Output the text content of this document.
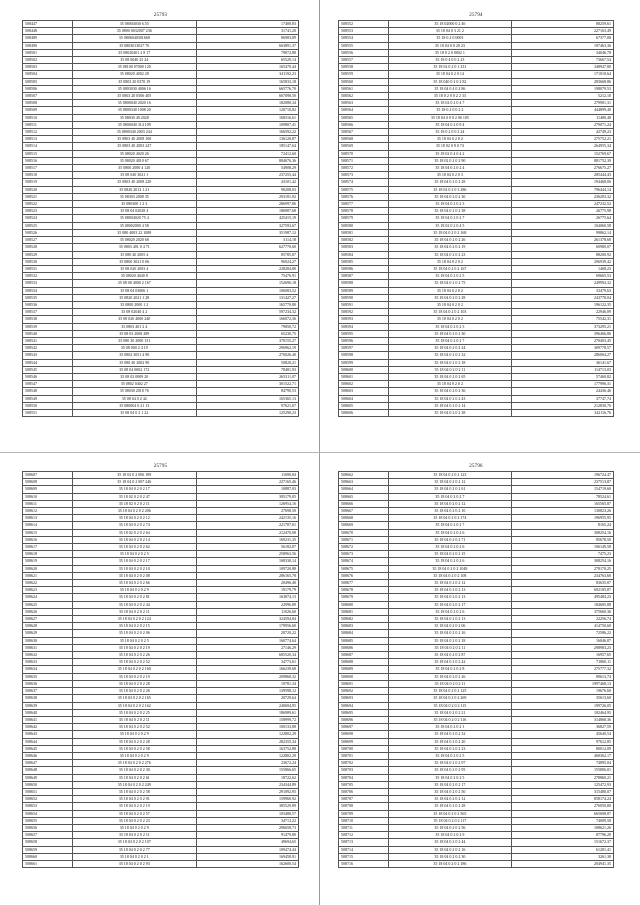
25793
508447	35 08004030 6.55	17480,83
508448	35 0800 0032007 236	31741,20
508489	35 0806040301668	86983,89
508490	35 0803013027 70	663891,37
508501	35 08020401 2 8 17	79872,88
508502	35 08 0040 25 24	65529,14
508503	35 08100 07000 120	165470,44
508504	35 08020 4002 28	341192,23
508505	35 0803 20 0370 19	165833,18
508506	35 0803030 4006 16	665776,70
508507	35 0803 20 0506 405	667098,50
508508	35 0800040 2020 16	182080,34
508509	35 0800340 1008 20	120710,82
508510	35 08030 40 2028	168316,61
508511	35 0800040 314 109	109807,41
508512	35 0800340 2003 244	166592,22
508513	35 0803 40 2008 100	136120,87
508514	35 0803 40 2003 247	185147,64
508515	35 08020 4020 26	72412,60
508516	35 08020 4010 67	884676,36
508517	35 0800 2000 4 120	54908,29
508518	35 08 040 3021 1	237255,44
508519	35 0803 40 2008 220	43101,42
508520	35 0820 2012 1 21	90208,03
508521	35 08303 2008 35	293181,92
508522	35 080300 1 2 3	286997,86
508523	35 08 04 02028 4	186987,68
508524	35 08004020 75 4	425415,19
508525	35 08002000 4 58	327593,67
508526	35 080 4003 22 1088	351987,12
508527	35 08020 2020 68	3114,18
508528	35 0803 401 0 4 71	627770,60
508529	35 080 40 2005 4	85785,87
508530	35 0800 3021 0 06	96924,27
508531	35 08 020 2003 4	228284,80
508532	35 08020 4040 8	75476,91
508533	35 08 00 4000 2 167	152696,18
508534	35 08 04 03006 1	106083,52
508535	35 0820 2021 1 28	131427,27
508536	35 0800 2000 1 2	165770,80
508537	35 08 02040 4 2	597234,32
508538	35 08 020 4000 240	166072,36
508539	35 0803 401 2 4	79850,72
508540	35 08 03 2008 289	65230,75
508541	35 080 30 2000 131	370155,27
508542	35 08 000 2 4 19	296962,19
508543	35 0802 3051 4 90	270026,40
508544	35 080 40 2002 90	50820,21
508545	35 08 04 0002 172	78481,93
508546	35 08 02 0009 20	265311,07
508547	35 0802 0402 27	301522,71
508548	35 08030 2018 76	84790,53
508549	35 08 04 0 2 42	165365,13
508550	35 080004 0 21 13	97621,67
508551	35 08 04 0 2 1 22	125290,23
25794
508552	35 18 02000 0 2 46	88259,61
508553	35 18 04 0 3 21 2	227163,49
508554	35 18 0 2 0 0003	67377,08
508555	35 18 04 0 0 20 23	197463,36
508556	35 18 0 2 0 0002 1	34046,78
508557	35 18 0 4 0 0 2 23	73667,54
508558	35 18 02 0 2 0 1 231	348947,80
508559	35 18 04 0 2 0 14	171010,64
508560	35 18 040 0 2 0 2 82	283668,86
508561	35 18 04 0 4 0 2 86	198079,53
508562	35 18 0 2 0 0 2 2 33	5212,10
508563	35 18 02 0 2 0 4 7	279901,31
508564	35 18 0 2 0 0 2 2	444899,40
508565	35 18 04 0 0 0 2 06 105	11480,48
508566	35 18 04 0 2 0 9 4	279071,24
508567	35 18 0 2 0 0 2 24	42749,23
508568	35 18 04 0 2 0 2	275752,21
508569	35 18 02 0 8 0 74	264955,34
508570	35 18 02 0 4 0 4 2	152769,67
508571	35 18 02 0 2 0 2 90	881752,39
508572	35 18 04 0 2 0 2 4	276675,27
508573	35 18 04 0 2 0 3	285444,43
508574	35 18 04 0 2 0 2 28	194468,06
508575	35 18 02 0 2 0 3 286	796444,14
508576	35 18 04 0 2 0 2 30	236203,32
508577	35 18 04 0 2 0 2 3	247232,52
508578	35 18 04 0 2 0 2 38	26775,98
508579	35 18 04 0 2 0 2 7	26775,64
508580	35 18 02 0 2 0 4 5	104060,58
508581	35 18 04 0 2 0 2 168	99862,14
508582	35 18 04 0 2 0 2 26	261378,68
508583	35 18 04 0 2 0 2 19	60980,07
508584	35 18 04 0 2 0 2 23	88200,92
508585	35 18 04 0 2 0 2	296939,42
508586	35 18 04 0 2 0 2 167	1468,23
508587	35 18 04 0 2 0 2 5	69665,53
508588	35 18 04 0 2 0 2 75	249994,32
508589	35 18 04 0 2 0 2	33479,63
508590	35 18 04 0 2 0 2 28	243778,04
508591	35 18 04 0 2 0 2	196122,35
508592	35 18 04 0 2 0 2 103	22946,09
508593	35 18 04 0 2 0 2	75542,31
508594	35 18 04 0 2 0 2 3	373295,21
508595	35 18 04 0 2 0 2 30	396466,86
508596	35 18 04 0 2 0 2 7	270403,45
508597	35 18 04 0 2 0 2 24	309778,57
508598	35 18 04 0 2 0 2 32	286064,27
508599	35 18 04 0 2 0 2 18	36141,67
508600	35 18 04 0 2 0 2 11	114713,03
508601	35 18 04 0 2 0 2 65	57460,82
508602	35 18 04 0 2 0 2	177996,31
508603	35 18 04 0 2 0 2 36	24436,46
508604	35 18 04 0 2 0 2 43	37747,74
508605	35 18 04 0 2 0 2 14	212830,76
508606	35 18 04 0 2 0 2 38	342116,76
25795
508607	35 18 02 0 2 006 189	11690,84
508608	35 18 04 0 2 007 246	227165,46
508609	35 18 04 0 2 0 2 17	10887,03
508610	35 18 02 0 2 0 2 47	395179,05
508611	35 18 02 0 2 0 2 11	126954,16
508612	35 18 04 0 2 0 2 206	27698,50
508613	35 18 04 0 2 0 2 12	242135,16
508614	35 18 04 0 2 0 2 74	221787,01
508615	35 18 02 0 2 0 2 64	212470,08
508616	35 18 04 0 2 0 2 14	169231,35
508617	35 18 04 0 2 0 2 62	56182,87
508618	35 18 04 0 2 0 2 5	258963,56
508619	35 18 04 0 2 0 2 17	168330,14
508620	35 18 04 0 2 0 2 10	109720,88
508621	35 18 04 0 2 0 2 08	286165,78
508622	35 18 04 0 2 0 2 66	20496,40
508623	35 18 04 0 2 0 2 9	19179,79
508624	35 18 04 0 2 0 2 81	163874,13
508625	35 18 04 0 2 0 2 44	22996,89
508626	35 18 04 0 2 0 2 11	11026,60
508627	35 18 04 0 2 0 2 124	324594,84
508628	35 18 04 0 2 0 2 15	179956,60
508629	35 18 04 0 2 0 2 06	20720,22
508630	35 18 04 0 2 0 2 5	160774,64
508631	35 18 04 0 2 0 2 19	27146,29
508632	35 18 04 0 2 0 2 26	685520,34
508633	35 18 04 0 2 0 2 52	34773,61
508634	35 18 04 0 2 0 2 160	166239,68
508635	35 18 04 0 2 0 2 19	209868,32
508636	35 18 04 0 2 0 2 28	19781,34
508637	35 18 04 0 2 0 2 26	139598,12
508638	35 18 04 0 2 0 2 165	20729,64
508639	35 18 04 0 2 0 2 162	240694,95
508640	35 18 04 0 2 0 2 25	186989,61
508641	35 18 04 0 2 0 2 11	158999,72
508642	35 18 04 0 2 0 2 52	100133,88
508643	35 18 04 0 2 0 2 9	122802,29
508644	35 18 04 0 2 0 2 28	282355,34
508645	35 18 04 0 2 0 2 58	163752,88
508646	35 18 04 0 2 0 2 9	122802,29
508647	35 18 04 0 2 0 2 276	23672,24
508648	35 18 04 0 2 0 2 30	155866,65
508649	35 18 04 0 2 0 2 61	18722,62
508650	35 18 04 0 2 0 2 249	234344,89
508651	35 18 04 0 2 0 2 58	291092,95
508652	35 18 04 0 2 0 2 91	159960,92
508653	35 18 04 0 2 0 2 19	385529,89
508654	35 18 04 0 2 0 2 57	103480,57
508655	35 18 04 0 2 0 2 23	34713,22
508656	35 18 04 0 2 0 2 9	296658,73
508657	35 18 04 0 2 0 2 11	91479,80
508658	35 18 04 0 2 0 2 107	49694,65
508659	35 18 04 0 2 0 2 77	109474,44
508660	35 18 04 0 2 0 2 1	169458,91
508661	35 18 04 0 2 0 2 93	162600,54
25796
508662	35 18 04 0 2 0 2 123	196724,47
508663	35 18 04 0 2 0 2 12	237513,87
508664	35 18 04 0 2 0 2 61	154719,60
508665	35 18 04 0 2 0 2 7	78524,61
508666	35 18 04 0 2 0 2 12	165565,87
508667	35 18 04 0 2 0 2 10	130823,26
508668	35 18 04 0 2 0 2 174	196955,95
508669	35 18 04 0 2 0 2 7	8165,24
508670	35 18 04 0 2 0 2 6	308254,16
508671	35 18 04 0 2 0 2 71	85678,50
508672	35 18 04 0 2 0 2 6	106149,58
508673	35 18 04 0 2 0 2 15	7475,23
508674	35 18 04 0 2 0 2 6	308254,16
508675	35 18 04 0 2 0 2 1048	278170,25
508676	35 18 04 0 2 0 2 108	234763,60
508677	35 18 04 0 2 0 2 12	83635,87
508678	35 18 04 0 2 0 2 13	692105,87
508679	35 18 04 0 2 0 2 13	495484,23
508680	35 18 04 0 2 0 2 17	184685,88
508681	35 18 04 0 2 0 2 6	375660,36
508682	35 18 04 0 2 0 2 13	22256,74
508683	35 18 04 0 2 0 2 06	414750,60
508684	35 18 04 0 2 0 2 16	72586,22
508685	35 18 04 0 2 0 2 18	16046,07
508686	35 18 04 0 2 0 2 11	298983,23
508687	35 18 04 0 2 0 2 87	16957,65
508688	35 18 04 0 2 0 2 42	71860,11
508689	35 18 04 0 2 0 2 8	275777,32
508690	35 18 04 0 2 0 2 26	89613,74
508691	35 18 04 0 2 0 2 11	1997468,13
508692	35 18 04 0 2 0 2 125	19676,60
508693	35 18 04 0 2 0 2 269	35613,60
508694	35 18 04 0 2 0 2 115	199726,05
508695	35 18 04 0 2 0 2 21	182464,95
508696	35 18 04 0 2 0 2 116	314868,36
508697	35 18 04 0 2 0 2 1	36827,59
508698	35 18 04 0 2 0 2 32	45640,54
508699	35 18 04 0 2 0 2 20	97612,85
508700	35 18 04 0 2 0 2 23	80012,09
508701	35 18 04 0 2 0 2 5	468362,17
508702	35 18 04 0 2 0 2 97	74895,04
508703	35 18 04 0 2 0 2 95	155806,01
508704	35 18 04 0 2 0 2 5	278860,21
508705	35 18 04 0 2 0 2 17	125472,93
508706	35 18 04 0 2 0 2 50	315480,07
508707	35 18 04 0 2 0 2 12	858174,24
508708	35 18 04 0 2 0 2 28	276050,80
508709	35 18 04 0 2 0 2 565	665698,87
508710	35 18 04 0 2 0 2 117	74009,58
508711	35 18 04 0 2 0 2 56	108621,26
508712	35 18 04 0 2 0 2 9	87796,20
508713	35 18 04 0 2 0 2 44	151672,37
508714	35 18 04 0 2 0 2 16	61281,41
508715	35 18 04 0 2 0 2 30	3261,38
508716	35 18 04 0 2 0 2 186	204941,35
